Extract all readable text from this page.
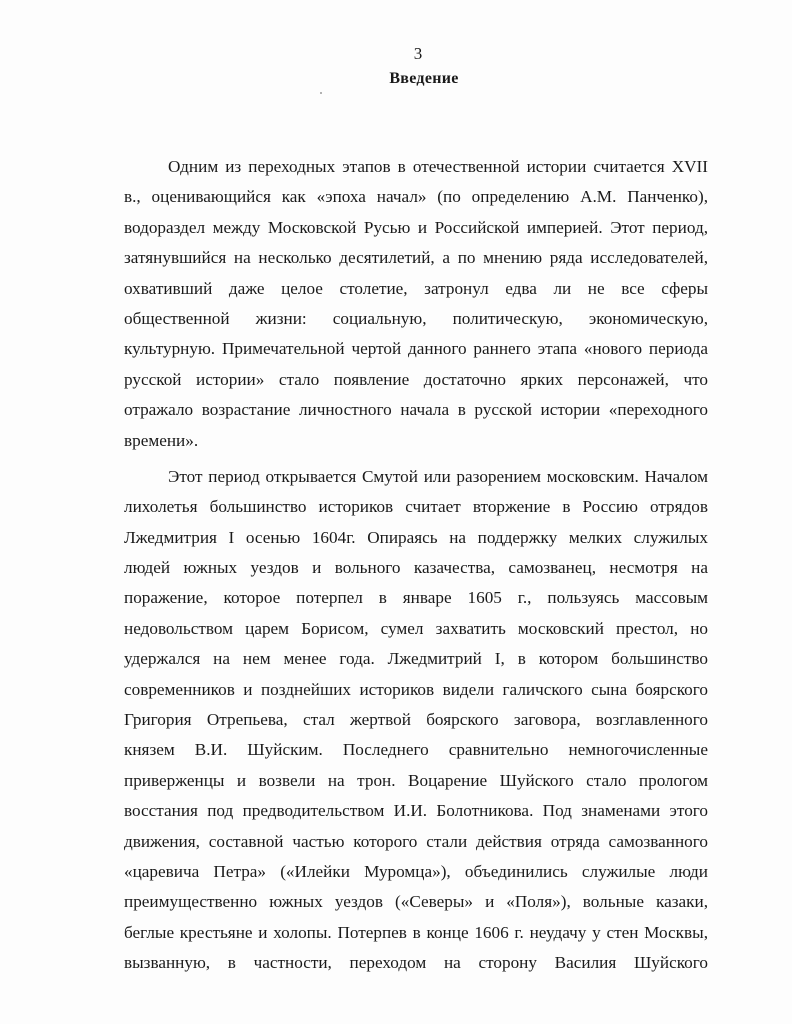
3
Введение
Одним из переходных этапов в отечественной истории считается XVII
в., оценивающийся как «эпоха начал» (по определению А.М. Панченко),
водораздел между Московской Русью и Российской империей. Этот период,
затянувшийся на несколько десятилетий, а по мнению ряда исследователей,
охвативший даже целое столетие, затронул едва ли не все сферы
общественной жизни: социальную, политическую, экономическую,
культурную. Примечательной чертой данного раннего этапа «нового периода
русской истории» стало появление достаточно ярких персонажей, что
отражало возрастание личностного начала в русской истории «переходного
времени».
Этот период открывается Смутой или разорением московским. Началом
лихолетья большинство историков считает вторжение в Россию отрядов
Лжедмитрия I осенью 1604г. Опираясь на поддержку мелких служилых
людей южных уездов и вольного казачества, самозванец, несмотря на
поражение, которое потерпел в январе 1605 г., пользуясь массовым
недовольством царем Борисом, сумел захватить московский престол, но
удержался на нем менее года. Лжедмитрий I, в котором большинство
современников и позднейших историков видели галичского сына боярского
Григория Отрепьева, стал жертвой боярского заговора, возглавленного
князем В.И. Шуйским. Последнего сравнительно немногочисленные
приверженцы и возвели на трон. Воцарение Шуйского стало прологом
восстания под предводительством И.И. Болотникова. Под знаменами этого
движения, составной частью которого стали действия отряда самозванного
«царевича Петра» («Илейки Муромца»), объединились служилые люди
преимущественно южных уездов («Северы» и «Поля»), вольные казаки,
беглые крестьяне и холопы. Потерпев в конце 1606 г. неудачу у стен Москвы,
вызванную, в частности, переходом на сторону Василия Шуйского
